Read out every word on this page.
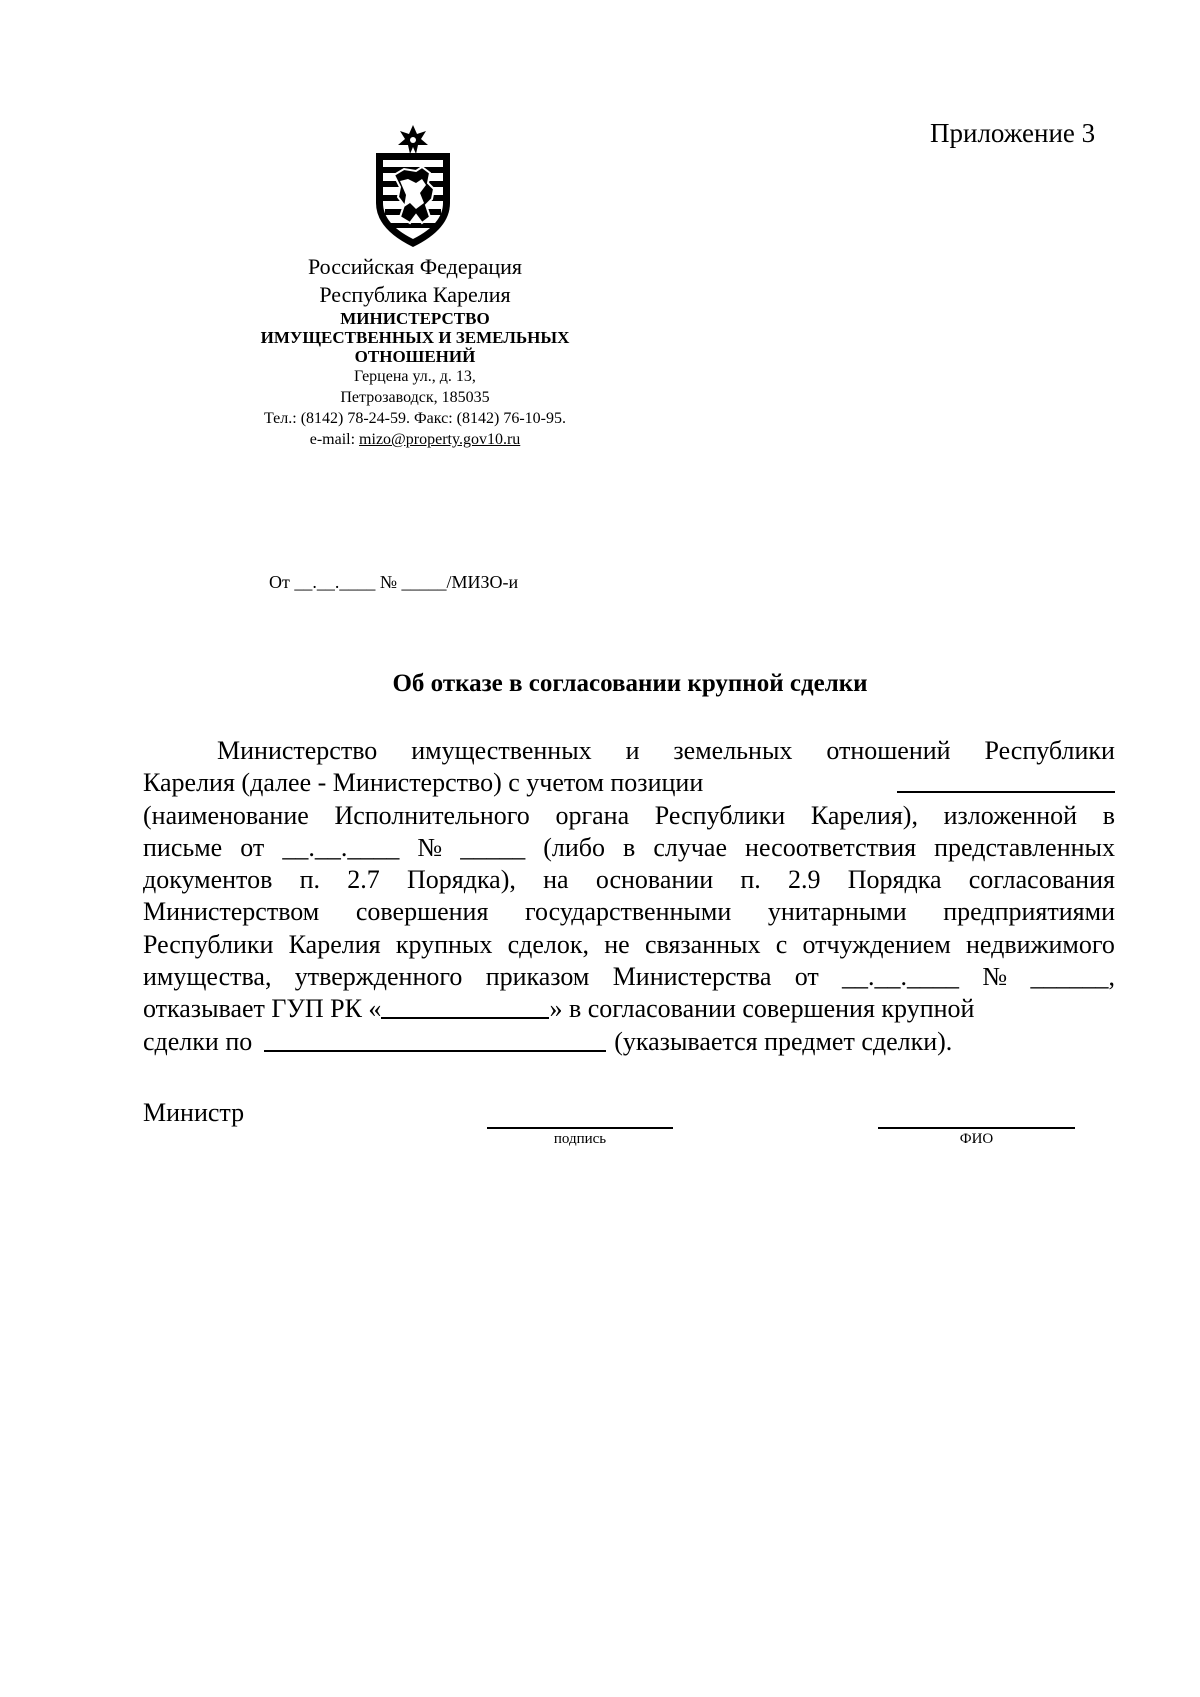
Приложение 3
Российская Федерация
Республика Карелия
МИНИСТЕРСТВО
ИМУЩЕСТВЕННЫХ И ЗЕМЕЛЬНЫХ
ОТНОШЕНИЙ
Герцена ул., д. 13,
Петрозаводск, 185035
Тел.: (8142) 78-24-59. Факс: (8142) 76-10-95.
e-mail: mizo@property.gov10.ru
От __.__.____ № _____/МИЗО-и
Об отказе в согласовании крупной сделки
Министерство имущественных и земельных отношений Республики
Карелия (далее - Министерство) с учетом позиции
(наименование Исполнительного органа Республики Карелия), изложенной в
письме от __.__.____ № _____ (либо в случае несоответствия представленных
документов п. 2.7 Порядка), на основании п. 2.9 Порядка согласования
Министерством совершения государственными унитарными предприятиями
Республики Карелия крупных сделок, не связанных с отчуждением недвижимого
имущества, утвержденного приказом Министерства от __.__.____ № ______,
отказывает ГУП РК «	» в согласовании совершения крупной
сделки по	(указывается предмет сделки).
Министр
подпись	ФИО
